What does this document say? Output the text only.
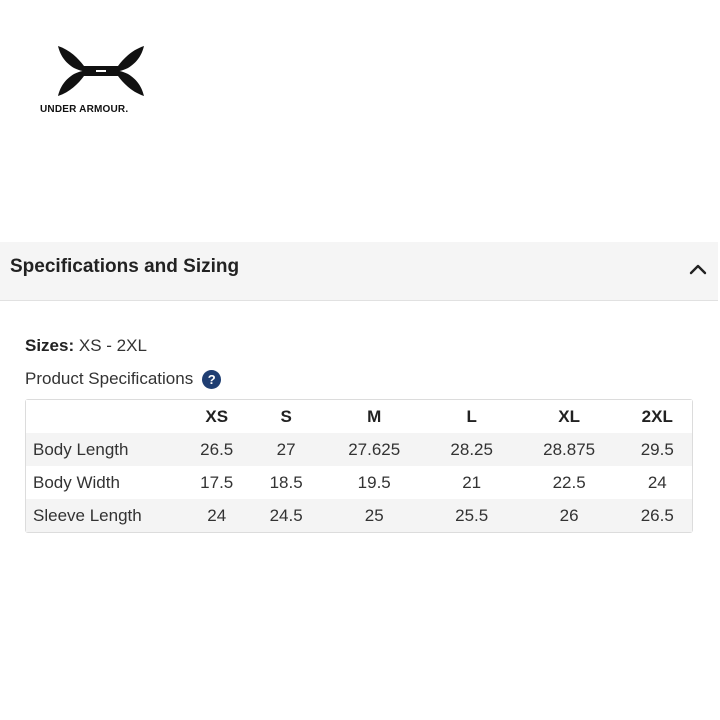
UNDER ARMOUR.
Specifications and Sizing
Sizes: XS - 2XL
Product Specifications	?
	XS	S	M	L	XL	2XL
Body Length	26.5	27	27.625	28.25	28.875	29.5
Body Width	17.5	18.5	19.5	21	22.5	24
Sleeve Length	24	24.5	25	25.5	26	26.5
